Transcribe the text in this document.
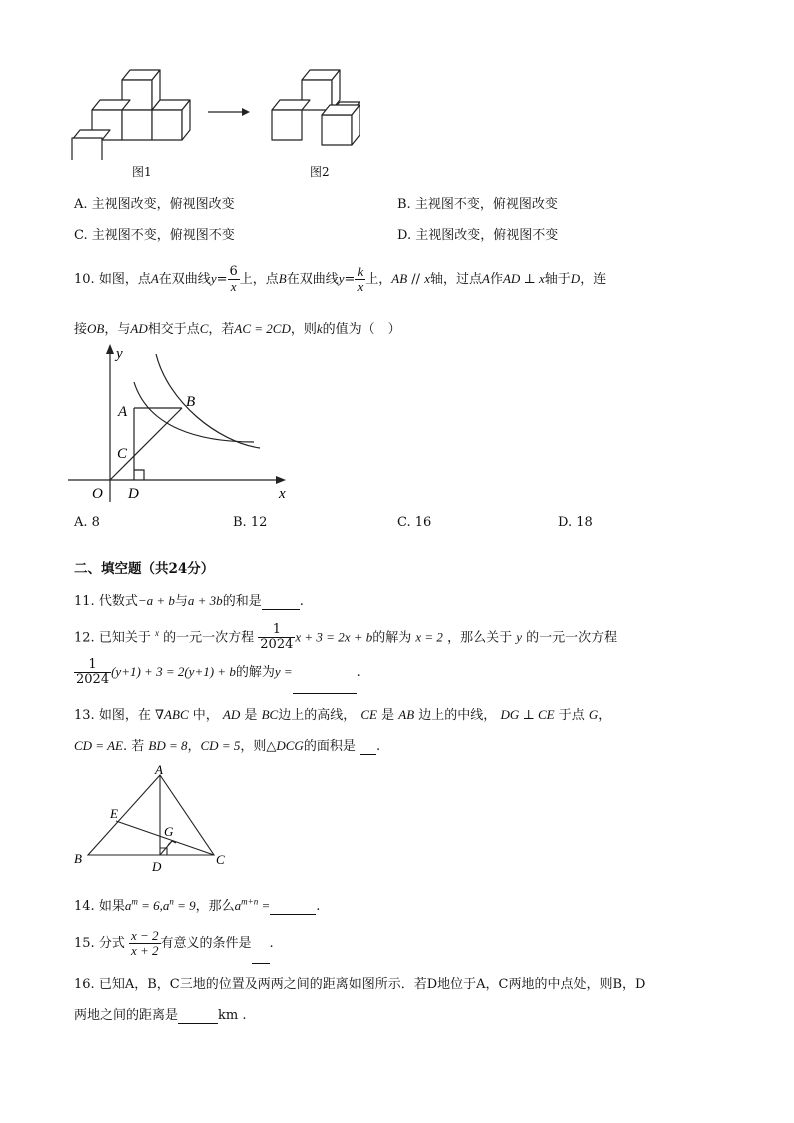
图1	图2
A. 主视图改变，俯视图改变	B. 主视图不变，俯视图改变
C. 主视图不变，俯视图不变	D. 主视图改变，俯视图不变
10. 如图，点A在双曲线$y= \frac{6}{x}$ 上，点B在双曲线$y= \frac{k}{x}$ 上，AB // x轴，过点A作AD ⊥ x轴于D，连
接OB，与AD相交于点C，若AC = 2CD，则k的值为（　）
y
x
A
B
C
O D
A. 8	B. 12	C. 16	D. 18
二、填空题（共24分）
11. 代数式−a + b与a + 3b的和是	.
12. 已知关于 $^x$ 的一元一次方程 $\frac{1}{2024}$ x + 3 = 2x + b的解为 x = 2 ，那么关于 y 的一元一次方程
$\frac{1}{2024} (y+1) + 3 = 2(y+1) + b$的解为y =	.
13. 如图，在 ∇ABC 中， AD 是 BC边上的高线， CE 是 AB 边上的中线， DG ⊥ CE 于点 G，
CD = AE. 若 BD = 8，CD = 5，则△DCG的面积是 .
A
B	C
D
E
G
14. 如果$a^m = 6,a^n = 9$，那么$a^{m+n}$ =	.
15. 分式 $\frac{x - 2}{x + 2}$ 有意义的条件是 .
16. 已知A，B，C三地的位置及两两之间的距离如图所示．若D地位于A，C两地的中点处，则B，D
两地之间的距离是	km .
